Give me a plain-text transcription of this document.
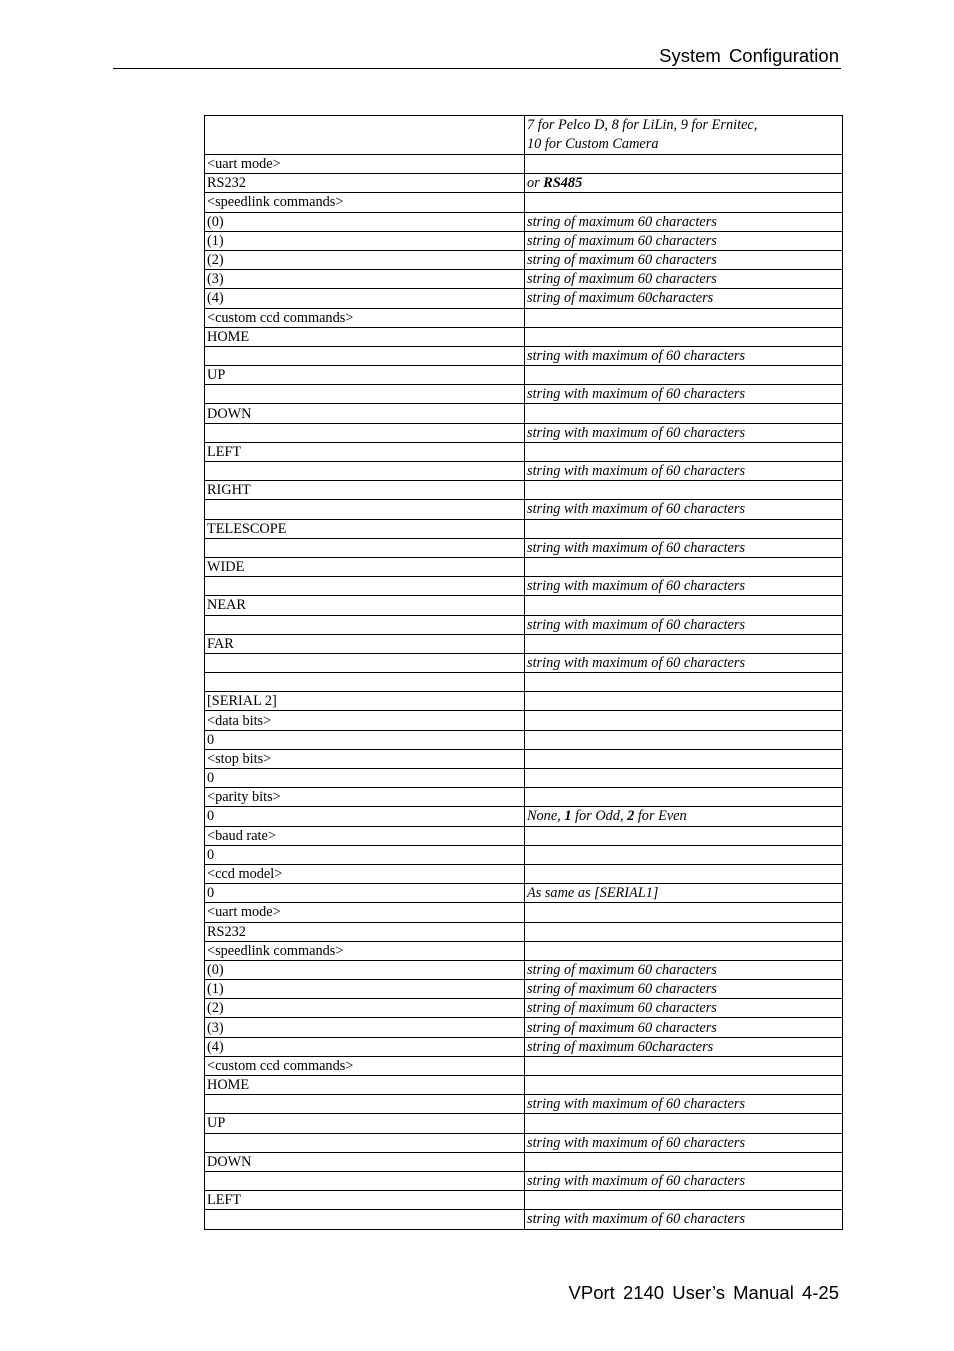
System Configuration

	7 for Pelco D, 8 for LiLin, 9 for Ernitec,
10 for Custom Camera

<uart mode>	
RS232	or RS485
<speedlink commands>	
(0)	string of maximum 60 characters
(1)	string of maximum 60 characters
(2)	string of maximum 60 characters
(3)	string of maximum 60 characters
(4)	string of maximum 60characters
<custom ccd commands>	
HOME	
	string with maximum of 60 characters
UP	
	string with maximum of 60 characters
DOWN	
	string with maximum of 60 characters
LEFT	
	string with maximum of 60 characters
RIGHT	
	string with maximum of 60 characters
TELESCOPE	
	string with maximum of 60 characters
WIDE	
	string with maximum of 60 characters
NEAR	
	string with maximum of 60 characters
FAR	
	string with maximum of 60 characters

[SERIAL 2]	
<data bits>	
0	
<stop bits>	
0	
<parity bits>	
0	None, 1 for Odd, 2 for Even
<baud rate>	
0	
<ccd model>	
0	As same as [SERIAL1]
<uart mode>	
RS232	
<speedlink commands>	
(0)	string of maximum 60 characters
(1)	string of maximum 60 characters
(2)	string of maximum 60 characters
(3)	string of maximum 60 characters
(4)	string of maximum 60characters
<custom ccd commands>	
HOME	
	string with maximum of 60 characters
UP	
	string with maximum of 60 characters
DOWN	
	string with maximum of 60 characters
LEFT	
	string with maximum of 60 characters
VPort 2140 User’s Manual 4-25
